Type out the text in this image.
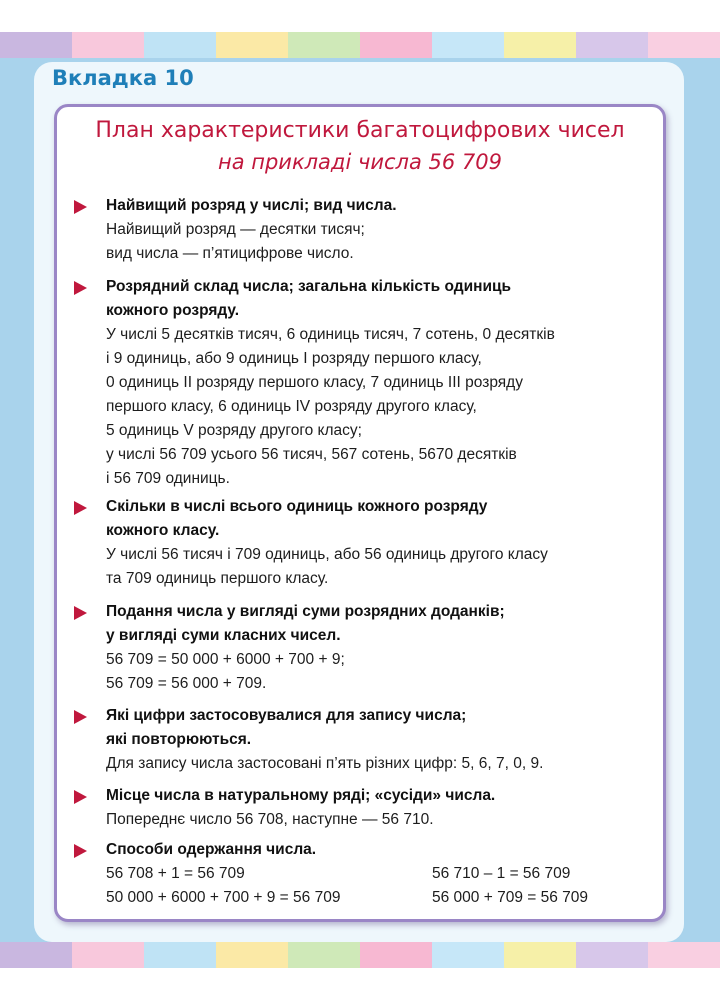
Вкладка 10
План характеристики багатоцифрових чисел
на прикладі числа 56 709
Найвищий розряд у числі; вид числа.
Найвищий розряд — десятки тисяч;
вид числа — п’ятицифрове число.
Розрядний склад числа; загальна кількість одиниць
кожного розряду.
У числі 5 десятків тисяч, 6 одиниць тисяч, 7 сотень, 0 десятків
і 9 одиниць, або 9 одиниць I розряду першого класу,
0 одиниць II розряду першого класу, 7 одиниць III розряду
першого класу, 6 одиниць IV розряду другого класу,
5 одиниць V розряду другого класу;
у числі 56 709 усього 56 тисяч, 567 сотень, 5670 десятків
і 56 709 одиниць.
Скільки в числі всього одиниць кожного розряду
кожного класу.
У числі 56 тисяч і 709 одиниць, або 56 одиниць другого класу
та 709 одиниць першого класу.
Подання числа у вигляді суми розрядних доданків;
у вигляді суми класних чисел.
56 709 = 50 000 + 6000 + 700 + 9;
56 709 = 56 000 + 709.
Які цифри застосовувалися для запису числа;
які повторюються.
Для запису числа застосовані п’ять різних цифр: 5, 6, 7, 0, 9.
Місце числа в натуральному ряді; «сусіди» числа.
Попереднє число 56 708, наступне — 56 710.
Способи одержання числа.
56 708 + 1 = 56 709
50 000 + 6000 + 700 + 9 = 56 709
56 710 – 1 = 56 709
56 000 + 709 = 56 709
